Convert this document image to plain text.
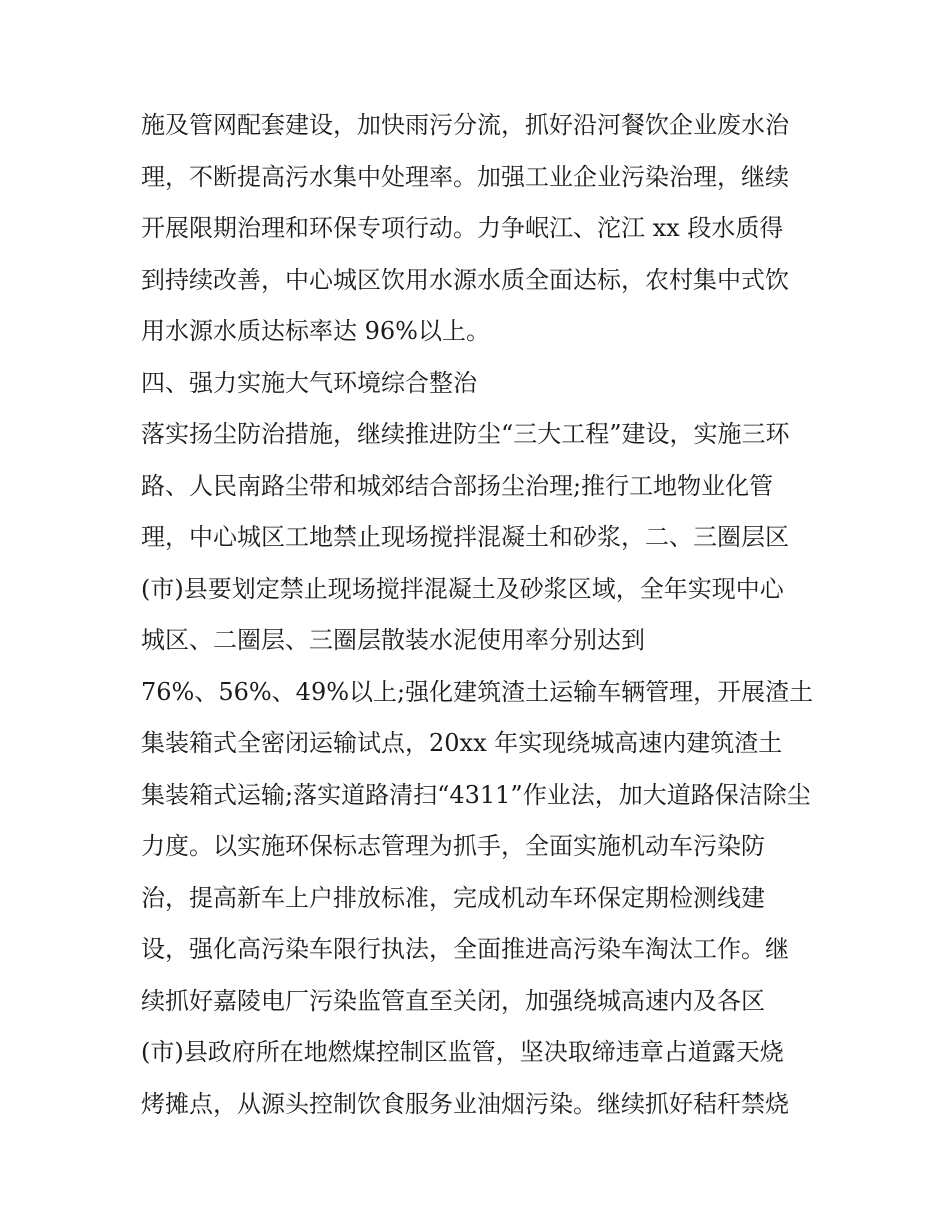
施及管网配套建设，加快雨污分流，抓好沿河餐饮企业废水治
理，不断提高污水集中处理率。加强工业企业污染治理，继续
开展限期治理和环保专项行动。力争岷江、沱江 xx 段水质得
到持续改善，中心城区饮用水源水质全面达标，农村集中式饮
用水源水质达标率达 96%以上。
四、强力实施大气环境综合整治
落实扬尘防治措施，继续推进防尘“三大工程”建设，实施三环
路、人民南路尘带和城郊结合部扬尘治理;推行工地物业化管
理，中心城区工地禁止现场搅拌混凝土和砂浆，二、三圈层区
(市)县要划定禁止现场搅拌混凝土及砂浆区域，全年实现中心
城区、二圈层、三圈层散装水泥使用率分别达到
76%、56%、49%以上;强化建筑渣土运输车辆管理，开展渣土
集装箱式全密闭运输试点，20xx 年实现绕城高速内建筑渣土
集装箱式运输;落实道路清扫“4311”作业法，加大道路保洁除尘
力度。以实施环保标志管理为抓手，全面实施机动车污染防
治，提高新车上户排放标准，完成机动车环保定期检测线建
设，强化高污染车限行执法，全面推进高污染车淘汰工作。继
续抓好嘉陵电厂污染监管直至关闭，加强绕城高速内及各区
(市)县政府所在地燃煤控制区监管，坚决取缔违章占道露天烧
烤摊点，从源头控制饮食服务业油烟污染。继续抓好秸秆禁烧
